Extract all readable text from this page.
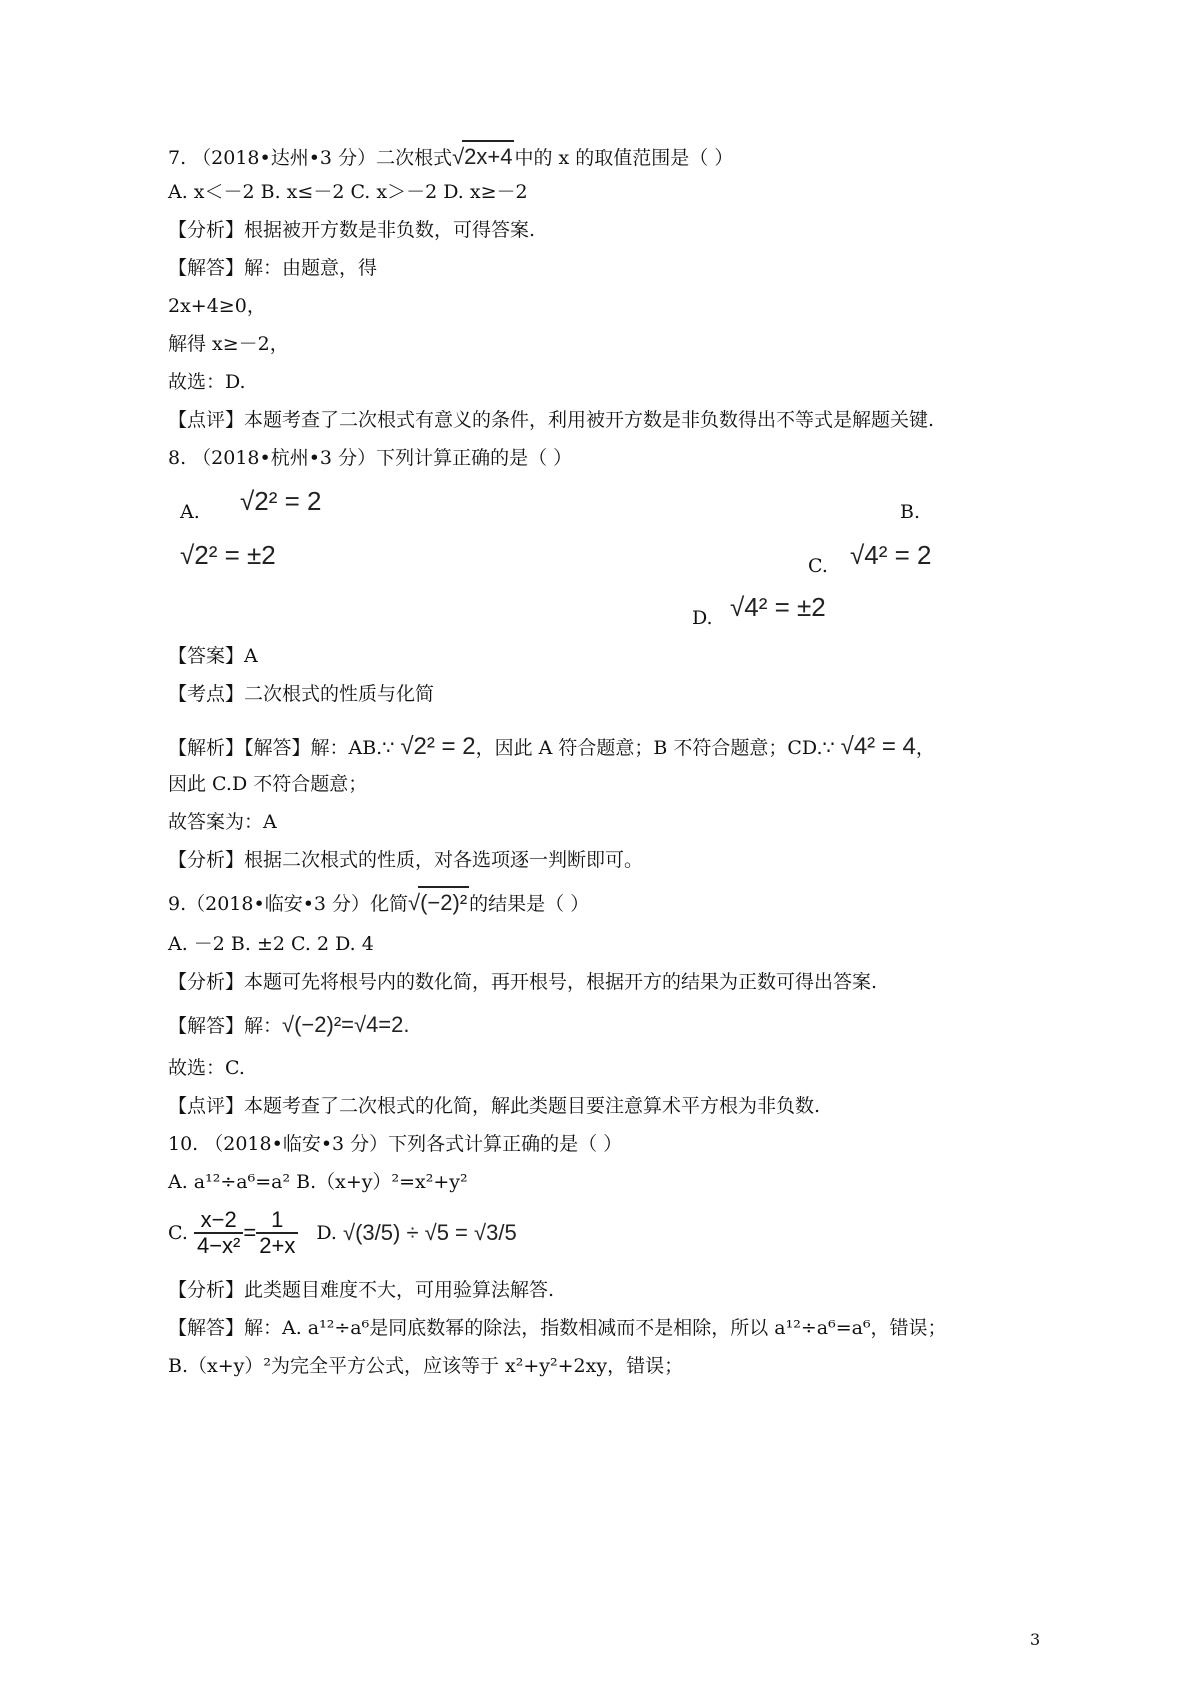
7. （2018•达州•3 分）二次根式√2x+4 中的 x 的取值范围是（ ）
A. x＜－2 B. x≤－2 C. x＞－2 D. x≥－2
【分析】根据被开方数是非负数，可得答案.
【解答】解：由题意，得
2x+4≥0，
解得 x≥－2，
故选：D.
【点评】本题考查了二次根式有意义的条件，利用被开方数是非负数得出不等式是解题关键.
8. （2018•杭州•3 分）下列计算正确的是（ ）
A. √2² = 2	B.
√2² = ±2	C. √4² = 2
D. √4² = ±2
【答案】A
【考点】二次根式的性质与化简
【解析】【解答】解：AB.∵ √2² = 2，因此 A 符合题意；B 不符合题意；CD.∵ √4² = 4，
因此 C.D 不符合题意；
故答案为：A
【分析】根据二次根式的性质，对各选项逐一判断即可。
9.（2018•临安•3 分）化简√(−2)² 的结果是（ ）
A. －2 B. ±2 C. 2 D. 4
【分析】本题可先将根号内的数化简，再开根号，根据开方的结果为正数可得出答案.
【解答】解：√(−2)²=√4=2.
故选：C.
【点评】本题考查了二次根式的化简，解此类题目要注意算术平方根为非负数.
10. （2018•临安•3 分）下列各式计算正确的是（ ）
A. a¹²÷a⁶=a² B.（x+y）²=x²+y²
C. $\frac{x-2}{\text{4−x²}} = \frac{1}{2+x} D$. √(3/5) ÷ √5 = √3/5
【分析】此类题目难度不大，可用验算法解答.
【解答】解：A. a¹²÷a⁶是同底数幂的除法，指数相减而不是相除，所以 a¹²÷a⁶=a⁶，错误；
B.（x+y）²为完全平方公式，应该等于 x²+y²+2xy，错误；
3
